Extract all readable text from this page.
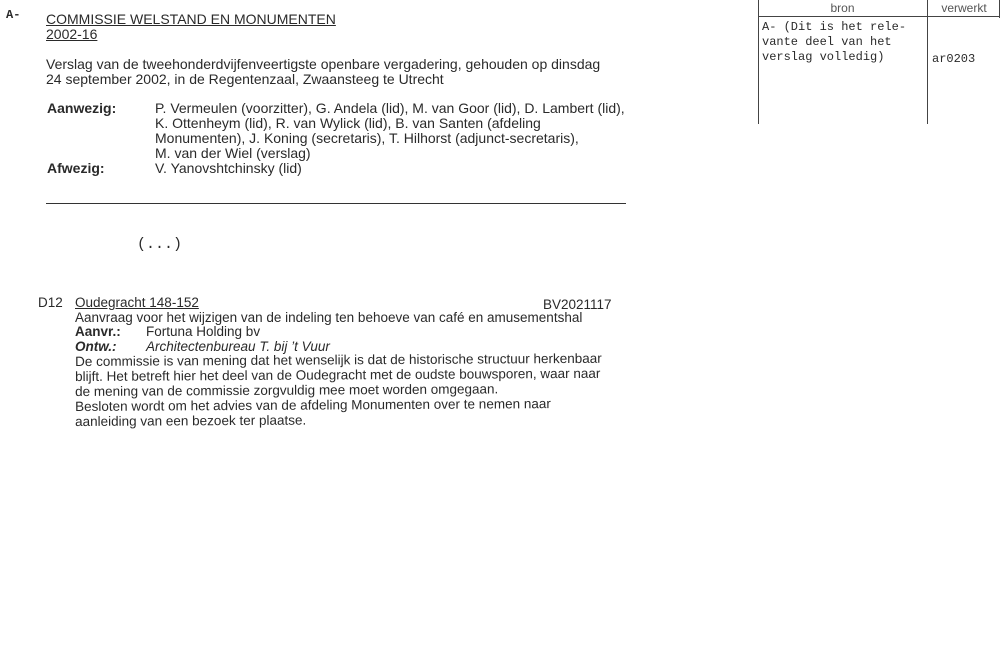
A- COMMISSIE WELSTAND EN MONUMENTEN
2002-16
Verslag van de tweehonderdvijfenveertigste openbare vergadering, gehouden op dinsdag
24 september 2002, in de Regentenzaal, Zwaansteeg te Utrecht
Aanwezig:	P. Vermeulen (voorzitter), G. Andela (lid), M. van Goor (lid), D. Lambert (lid),
K. Ottenheym (lid), R. van Wylick (lid), B. van Santen (afdeling
Monumenten), J. Koning (secretaris), T. Hilhorst (adjunct-secretaris),
M. van der Wiel (verslag)
Afwezig:	V. Yanovshtchinsky (lid)
(...)
D12 Oudegracht 148-152	BV2021117
Aanvraag voor het wijzigen van de indeling ten behoeve van café en amusementshal
Aanvr.: Fortuna Holding bv
Ontw.: Architectenbureau T. bij ’t Vuur
De commissie is van mening dat het wenselijk is dat de historische structuur herkenbaar
blijft. Het betreft hier het deel van de Oudegracht met de oudste bouwsporen, waar naar
de mening van de commissie zorgvuldig mee moet worden omgegaan.
Besloten wordt om het advies van de afdeling Monumenten over te nemen naar
aanleiding van een bezoek ter plaatse.
bron	verwerkt
A- (Dit is het rele-
vante deel van het
verslag volledig)	ar0203
